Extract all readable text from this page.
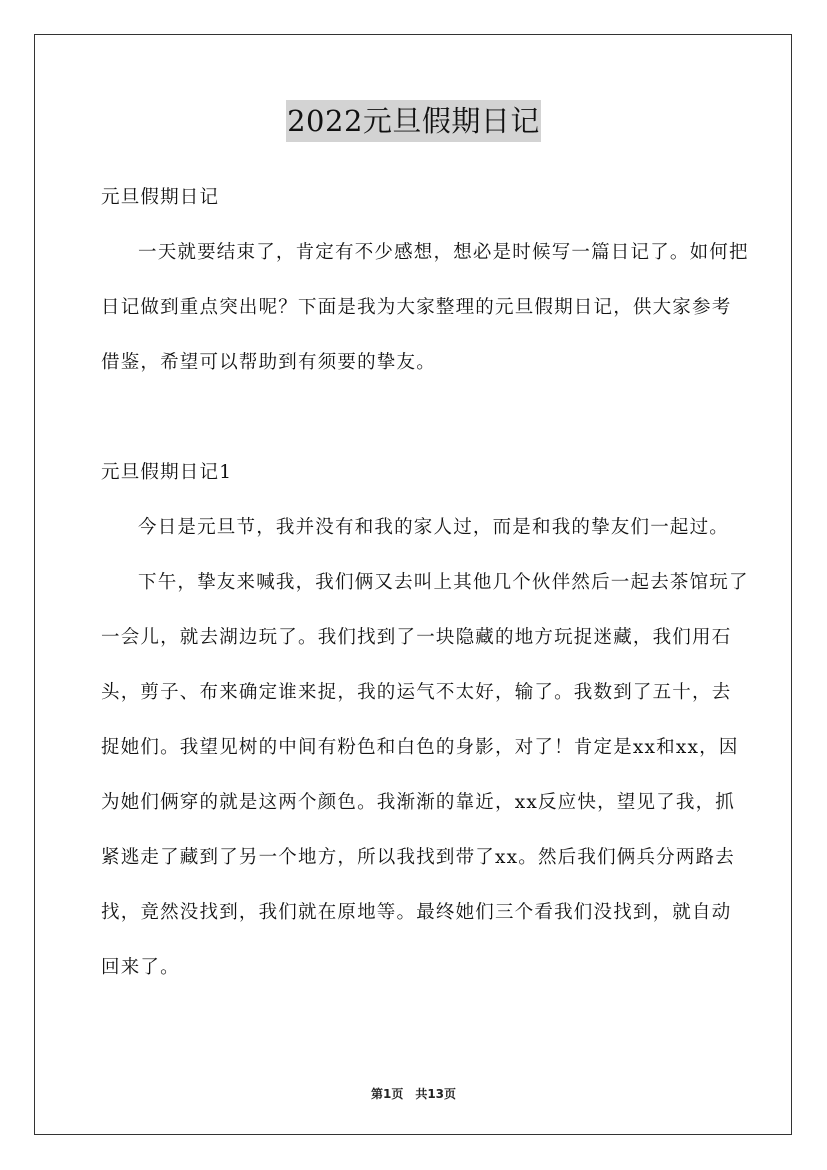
2022元旦假期日记

元旦假期日记

一天就要结束了，肯定有不少感想，想必是时候写一篇日记了。如何把日记做到重点突出呢？下面是我为大家整理的元旦假期日记，供大家参考借鉴，希望可以帮助到有须要的挚友。

元旦假期日记1

今日是元旦节，我并没有和我的家人过，而是和我的挚友们一起过。

下午，挚友来喊我，我们俩又去叫上其他几个伙伴然后一起去茶馆玩了一会儿，就去湖边玩了。我们找到了一块隐藏的地方玩捉迷藏，我们用石头，剪子、布来确定谁来捉，我的运气不太好，输了。我数到了五十，去捉她们。我望见树的中间有粉色和白色的身影，对了！肯定是xx和xx，因为她们俩穿的就是这两个颜色。我渐渐的靠近，xx反应快，望见了我，抓紧逃走了藏到了另一个地方，所以我找到带了xx。然后我们俩兵分两路去找，竟然没找到，我们就在原地等。最终她们三个看我们没找到，就自动回来了。

第1页 共13页
